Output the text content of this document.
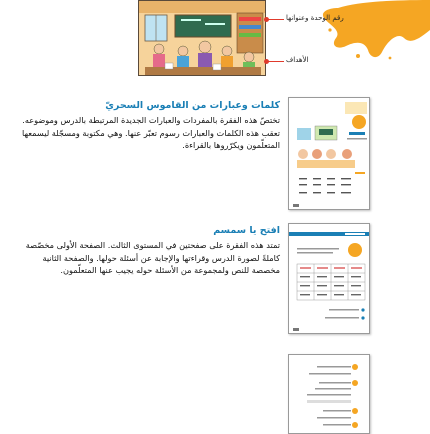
رقم الوحدة وعنوانها
الأهداف

كلمات وعبارات من القاموس السحريّ

تختصّ هذه الفقرة بالمفردات والعبارات الجديدة المرتبطة بالدرس وموضوعه. تعقب هذه الكلمات والعبارات رسوم تعبّر عنها. وهي مكتوبة ومسجّلة ليسمعها المتعلّمون ويكرّروها بالقراءة.

افتح يا سمسم

تمتد هذه الفقرة على صفحتين في المستوى الثالث. الصفحة الأولى مخصّصة كاملةً لصورة الدرس وقراءتها والإجابة عن أسئلة حولها. والصفحة الثانية مخصصة للنص ولمجموعة من الأسئلة حوله يجيب عنها المتعلّمون.
